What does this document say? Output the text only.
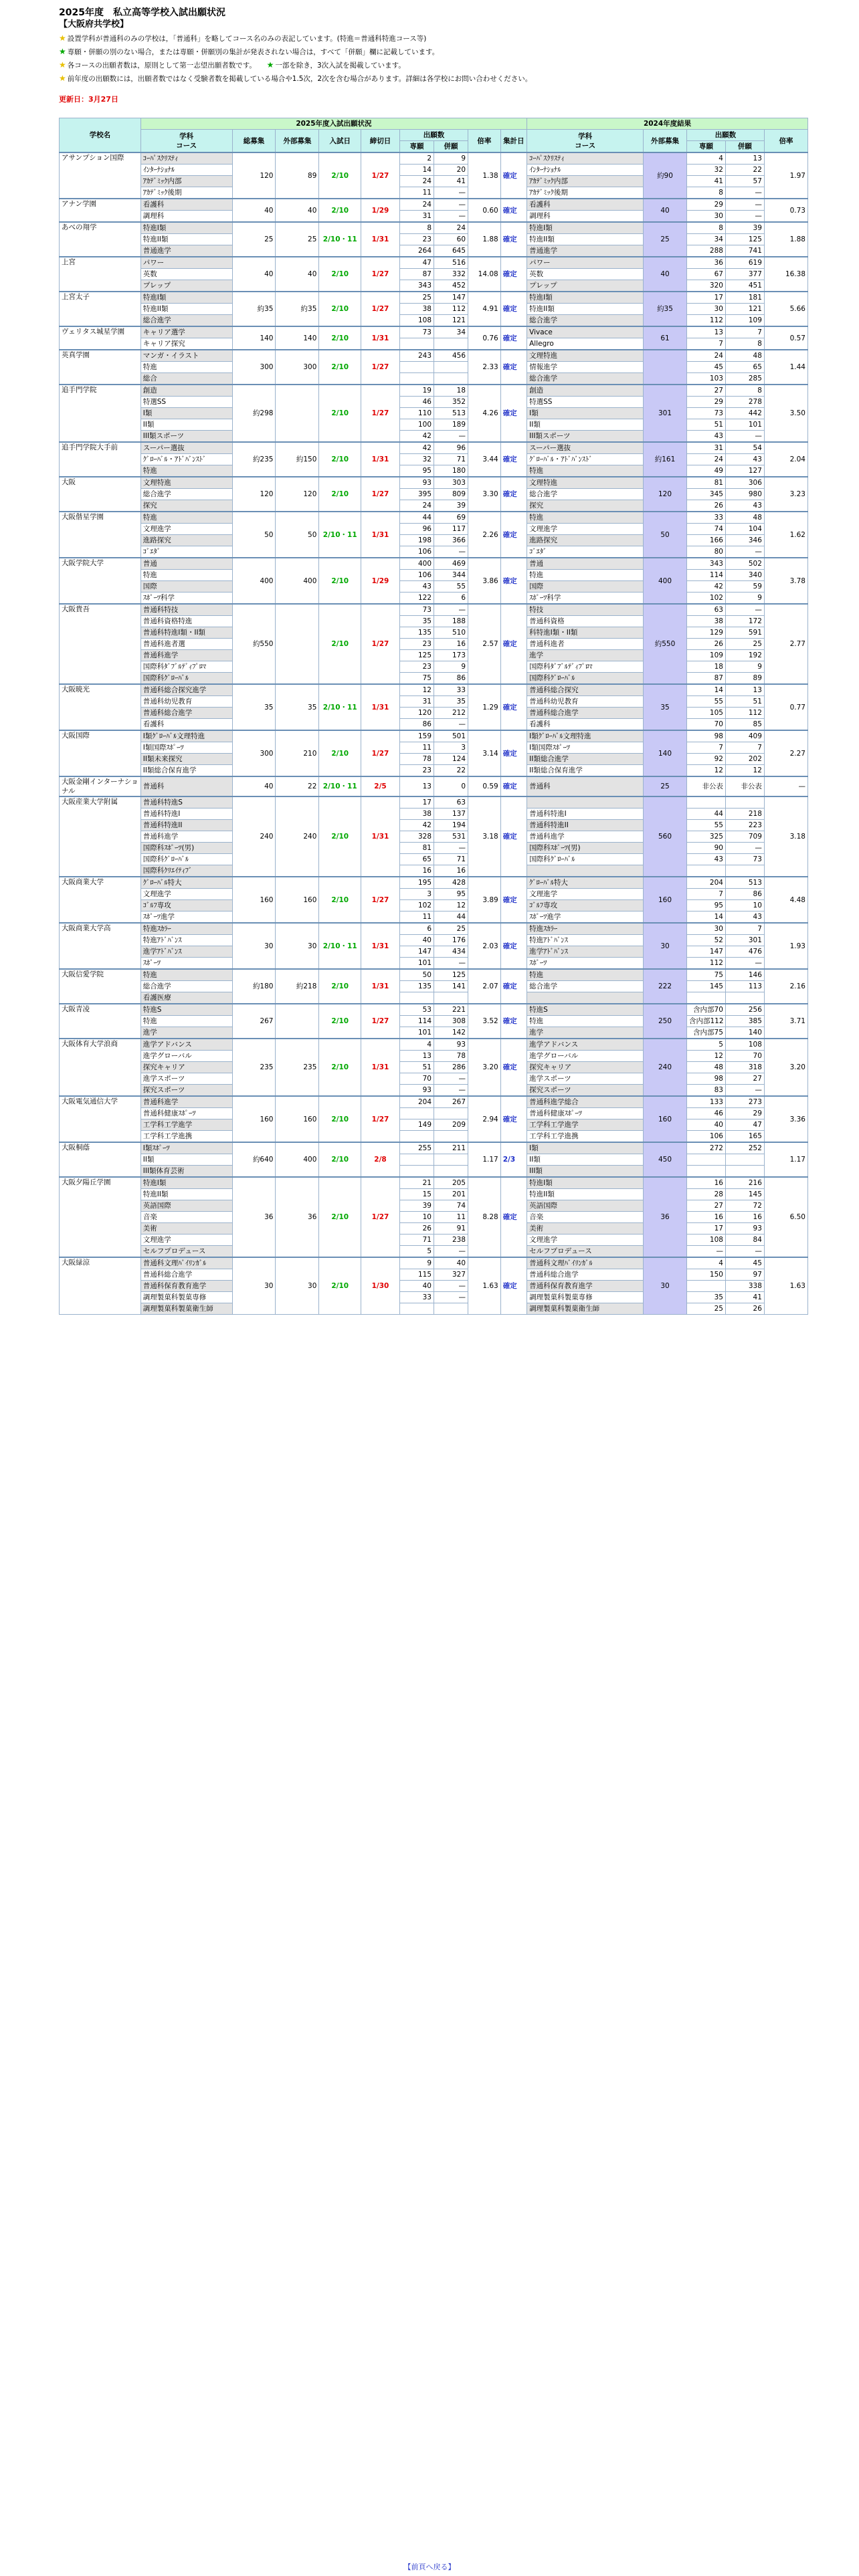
2025年度　私立高等学校入試出願状況

【大阪府共学校】

★ 設置学科が普通科のみの学校は，「普通科」を略してコース名のみの表記しています。(特進＝普通科特進コース等)

★ 専願・併願の別のない場合，または専願・併願別の集計が発表されない場合は，すべて「併願」欄に記載しています。

★ 各コースの出願者数は，原則として第一志望出願者数です。　　 ★ 一部を除き，3次入試を掲載しています。

★ 前年度の出願数には，出願者数ではなく受験者数を掲載している場合や1.5次，2次を含む場合があります。詳細は各学校にお問い合わせください。

更新日：3月27日

学校名	2025年度入試出願状況									2024年度結果				
	学科
コース	総募集	外部募集	入試日	締切日	出願数		倍率	集計日	学科
コース	外部募集	出願数		倍率
						専願	併願					専願	併願	
アサンプション国際	ｺｰﾊﾟｽｸﾘｽﾃｨ	120	89	2/10	1/27	2	9	1.38	確定	ｺｰﾊﾟｽｸﾘｽﾃｨ	約90	4	13	1.97
	ｲﾝﾀｰﾅｼｮﾅﾙ					14	20			ｲﾝﾀｰﾅｼｮﾅﾙ		32	22	
	ｱｶﾃﾞﾐｯｸ内部					24	41			ｱｶﾃﾞﾐｯｸ内部		41	57	
	ｱｶﾃﾞﾐｯｸ後期					11	—			ｱｶﾃﾞﾐｯｸ後期		8	—	
アナン学園	看護科	40	40	2/10	1/29	24	—	0.60	確定	看護科	40	29	—	0.73
	調理科					31	—			調理科		30	—	
あべの翔学	特進I類	25	25	2/10・11	1/31	8	24	1.88	確定	特進I類	25	8	39	1.88
	特進II類					23	60			特進II類		34	125	
	普通進学					264	645			普通進学		288	741	
上宮	パワー	40	40	2/10	1/27	47	516	14.08	確定	パワー	40	36	619	16.38
	英数					87	332			英数		67	377	
	プレップ					343	452			プレップ		320	451	
上宮太子	特進I類	約35	約35	2/10	1/27	25	147	4.91	確定	特進I類	約35	17	181	5.66
	特進II類					38	112			特進II類		30	121	
	総合進学					108	121			総合進学		112	109	
ヴェリタス城星学園	キャリア選学	140	140	2/10	1/31	73	34	0.76	確定	Vivace	61	13	7	0.57
	キャリア探究									Allegro		7	8	
英真学園	マンガ・イラスト	300	300	2/10	1/27	243	456	2.33	確定	文理特進		24	48	1.44
	特進									情報進学		45	65	
	総合									総合進学		103	285	
追手門学院	創造	約298		2/10	1/27	19	18	4.26	確定	創造	301	27	8	3.50
	特選SS					46	352			特選SS		29	278	
	I類					110	513			I類		73	442	
	II類					100	189			II類		51	101	
	III類スポーツ					42	—			III類スポーツ		43	—	
追手門学院大手前	スーパー選抜	約235	約150	2/10	1/31	42	96	3.44	確定	スーパー選抜	約161	31	54	2.04
	ｸﾞﾛｰﾊﾞﾙ・ｱﾄﾞﾊﾞﾝｽﾄﾞ					32	71			ｸﾞﾛｰﾊﾞﾙ・ｱﾄﾞﾊﾞﾝｽﾄﾞ		24	43	
	特進					95	180			特進		49	127	
大阪	文理特進	120	120	2/10	1/27	93	303	3.30	確定	文理特進	120	81	306	3.23
	総合進学					395	809			総合進学		345	980	
	探究					24	39			探究		26	43	
大阪偕星学園	特進	50	50	2/10・11	1/31	44	69	2.26	確定	特進	50	33	48	1.62
	文理進学					96	117			文理進学		74	104	
	進路探究					198	366			進路探究		166	346	
	ｺﾞｴﾀﾞ					106	—			ｺﾞｴﾀﾞ		80	—	
大阪学院大学	普通	400	400	2/10	1/29	400	469	3.86	確定	普通	400	343	502	3.78
	特進					106	344			特進		114	340	
	国際					43	55			国際		42	59	
	ｽﾎﾟｰﾂ科学					122	6			ｽﾎﾟｰﾂ科学		102	9	
大阪貴吾	普通科特技	約550		2/10	1/27	73	—	2.57	確定	特技	約550	63	—	2.77
	普通科資格特進					35	188			普通科資格		38	172	
	普通科特進I類・II類					135	510			科特進I類・II類		129	591	
	普通科進者選					23	16			普通科進者		26	25	
	普通科進学					125	173			進学		109	192	
	国際科ﾀﾞﾌﾞﾙﾃﾞｨﾌﾟﾛﾏ					23	9			国際科ﾀﾞﾌﾞﾙﾃﾞｨﾌﾟﾛﾏ		18	9	
	国際科ｸﾞﾛｰﾊﾞﾙ					75	86			国際科ｸﾞﾛｰﾊﾞﾙ		87	89	
大阪暁光	普通科総合探究進学	35	35	2/10・11	1/31	12	33	1.29	確定	普通科総合探究	35	14	13	0.77
	普通科幼児教育					31	35			普通科幼児教育		55	51	
	普通科総合進学					120	212			普通科総合進学		105	112	
	看護科					86	—			看護科		70	85	
大阪国際	I類ｸﾞﾛｰﾊﾞﾙ文理特進	300	210	2/10	1/27	159	501	3.14	確定	I類ｸﾞﾛｰﾊﾞﾙ文理特進	140	98	409	2.27
	I類国際ｽﾎﾟｰﾂ					11	3			I類国際ｽﾎﾟｰﾂ		7	7	
	II類未来探究					78	124			II類総合進学		92	202	
	II類総合保育進学					23	22			II類総合保育進学		12	12	
大阪金剛インターナショナル	普通科	40	22	2/10・11	2/5	13	0	0.59	確定	普通科	25	非公表	非公表	—
大阪産業大学附属	普通科特進S	240	240	2/10	1/31	17	63	3.18	確定		560			3.18
	普通科特進I					38	137			普通科特進I		44	218	
	普通科特進II					42	194			普通科特進II		55	223	
	普通科進学					328	531			普通科進学		325	709	
	国際科ｽﾎﾟｰﾂ(男)					81	—			国際科ｽﾎﾟｰﾂ(男)		90	—	
	国際科ｸﾞﾛｰﾊﾞﾙ					65	71			国際科ｸﾞﾛｰﾊﾞﾙ		43	73	
	国際科ｸﾘｴｲﾃｨﾌﾞ					16	16							
大阪商業大学	ｸﾞﾛｰﾊﾞﾙ特大	160	160	2/10	1/27	195	428	3.89	確定	ｸﾞﾛｰﾊﾞﾙ特大	160	204	513	4.48
	文理進学					3	95			文理進学		7	86	
	ｺﾞﾙﾌ専攻					102	12			ｺﾞﾙﾌ専攻		95	10	
	ｽﾎﾟｰﾂ進学					11	44			ｽﾎﾟｰﾂ進学		14	43	
大阪商業大学高	特進ｽｶﾗｰ	30	30	2/10・11	1/31	6	25	2.03	確定	特進ｽｶﾗｰ	30	30	7	1.93
	特進ｱﾄﾞﾊﾞﾝｽ					40	176			特進ｱﾄﾞﾊﾞﾝｽ		52	301	
	進学ｱﾄﾞﾊﾞﾝｽ					147	434			進学ｱﾄﾞﾊﾞﾝｽ		147	476	
	ｽﾎﾟｰﾂ					101	—			ｽﾎﾟｰﾂ		112	—	
大阪信愛学院	特進	約180	約218	2/10	1/31	50	125	2.07	確定	特進	222	75	146	2.16
	総合進学					135	141			総合進学		145	113	
	看護医療													
大阪青凌	特進S	267		2/10	1/27	53	221	3.52	確定	特進S	250	含内部70	256	3.71
	特進					114	308			特進		含内部112	385	
	進学					101	142			進学		含内部75	140	
大阪体育大学浪商	進学アドバンス	235	235	2/10	1/31	4	93	3.20	確定	進学アドバンス	240	5	108	3.20
	進学グローバル					13	78			進学グローバル		12	70	
	探究キャリア					51	286			探究キャリア		48	318	
	進学スポーツ					70	—			進学スポーツ		98	27	
	探究スポーツ					93	—			探究スポーツ		83	—	
大阪電気通信大学	普通科進学	160	160	2/10	1/27	204	267	2.94	確定	普通科進学総合	160	133	273	3.36
	普通科健康ｽﾎﾟｰﾂ									普通科健康ｽﾎﾟｰﾂ		46	29	
	工学科工学進学					149	209			工学科工学進学		40	47	
	工学科工学進携									工学科工学進携		106	165	
大阪桐蔭	I類ｽﾎﾟｰﾂ	約640	400	2/10	2/8	255	211	1.17	2/3	I類	450	272	252	1.17
	II類									II類				
	III類体育芸術									III類				
大阪夕陽丘学園	特進I類	36	36	2/10	1/27	21	205	8.28	確定	特進I類	36	16	216	6.50
	特進II類					15	201			特進II類		28	145	
	英語国際					39	74			英語国際		27	72	
	音楽					10	11			音楽		16	16	
	美術					26	91			美術		17	93	
	文理進学					71	238			文理進学		108	84	
	セルフプロデュース					5	—			セルフプロデュース		—	—	
大阪緑涼	普通科文理ﾊﾞｲﾘﾝｶﾞﾙ	30	30	2/10	1/30	9	40	1.63	確定	普通科文理ﾊﾞｲﾘﾝｶﾞﾙ	30	4	45	1.63
	普通科総合進学					115	327			普通科総合進学		150	97	
	普通科保育教育進学					40	—			普通科保育教育進学			338	
	調理製菓科製菓専修					33	—			調理製菓科製菓専修		35	41	
	調理製菓科製菓衛生師									調理製菓科製菓衛生師		25	26	
【前頁へ戻る】
